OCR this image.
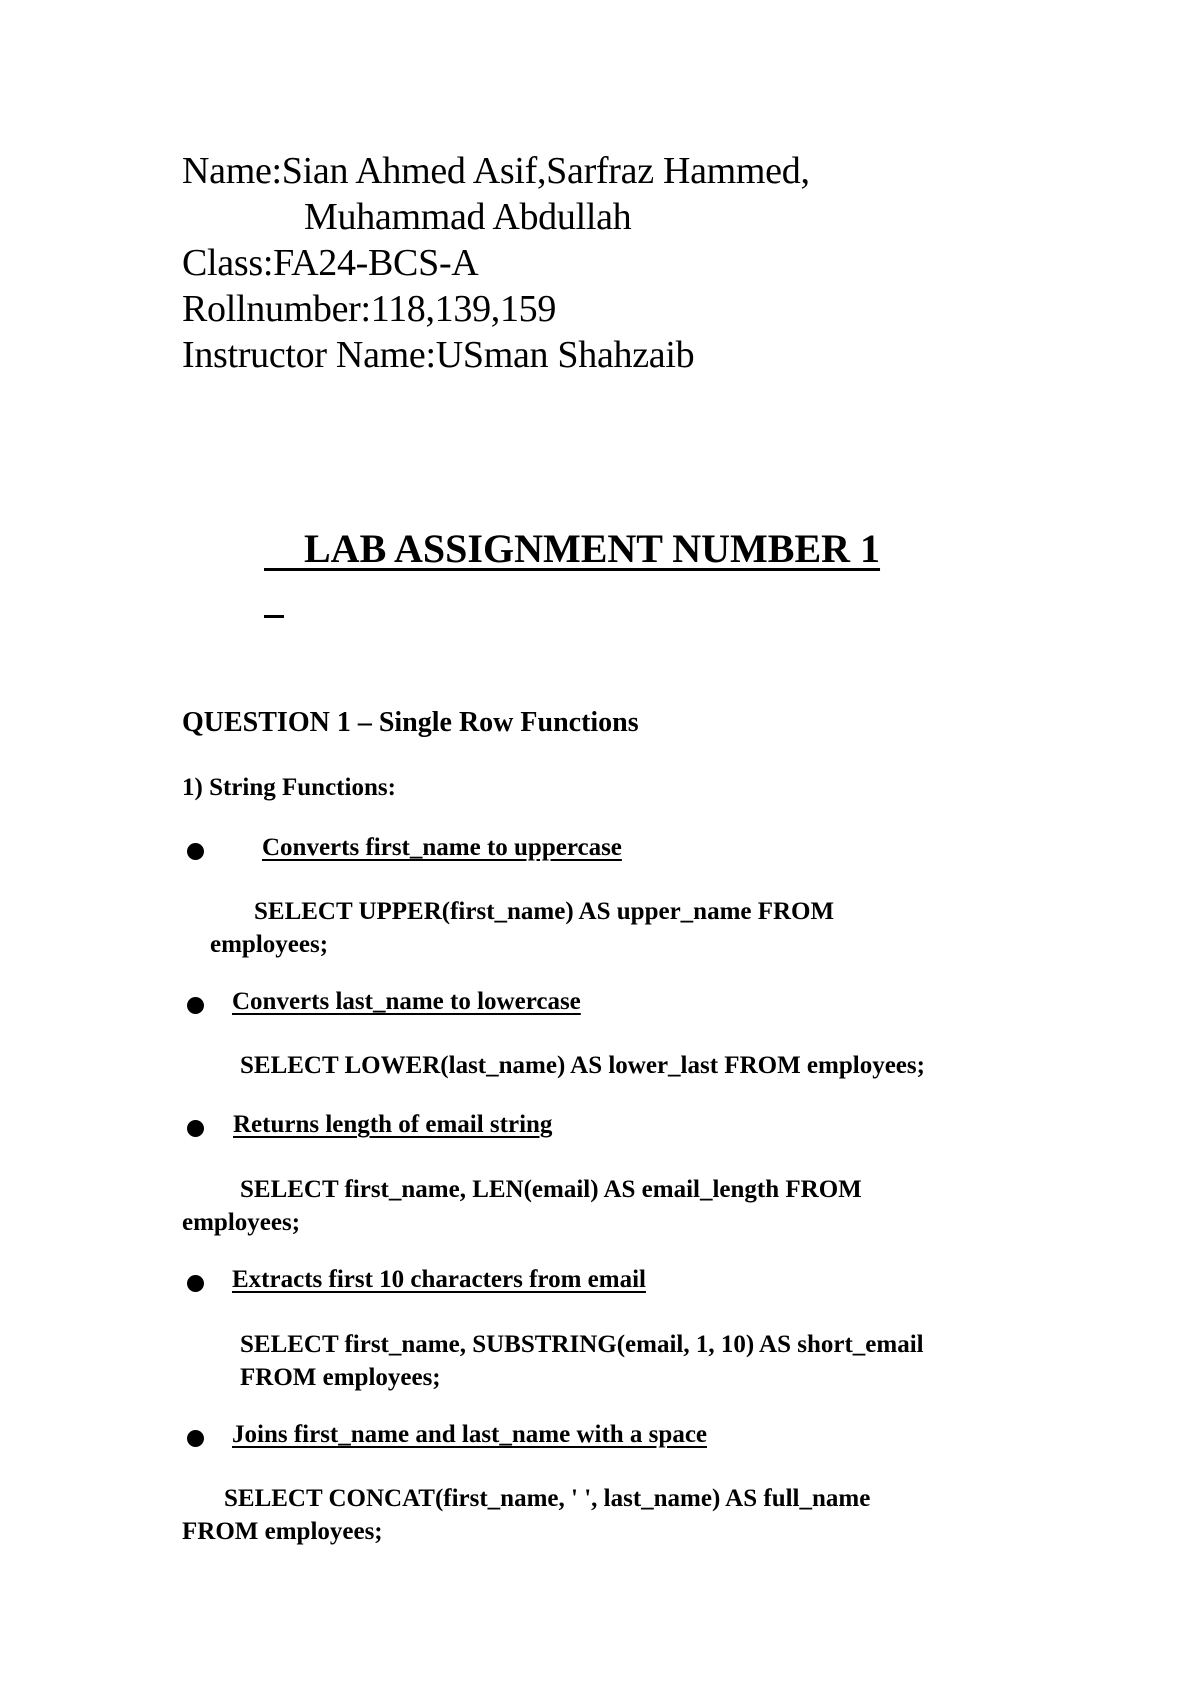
Name:Sian Ahmed Asif,Sarfraz Hammed,
Muhammad Abdullah
Class:FA24-BCS-A
Rollnumber:118,139,159
Instructor Name:USman Shahzaib

LAB ASSIGNMENT NUMBER 1

QUESTION 1 – Single Row Functions
1) String Functions:
Converts first_name to uppercase
SELECT UPPER(first_name) AS upper_name FROM
employees;
Converts last_name to lowercase
SELECT LOWER(last_name) AS lower_last FROM employees;
Returns length of email string
SELECT first_name, LEN(email) AS email_length FROM
employees;
Extracts first 10 characters from email
SELECT first_name, SUBSTRING(email, 1, 10) AS short_email
FROM employees;
Joins first_name and last_name with a space
SELECT CONCAT(first_name, ' ', last_name) AS full_name
FROM employees;
